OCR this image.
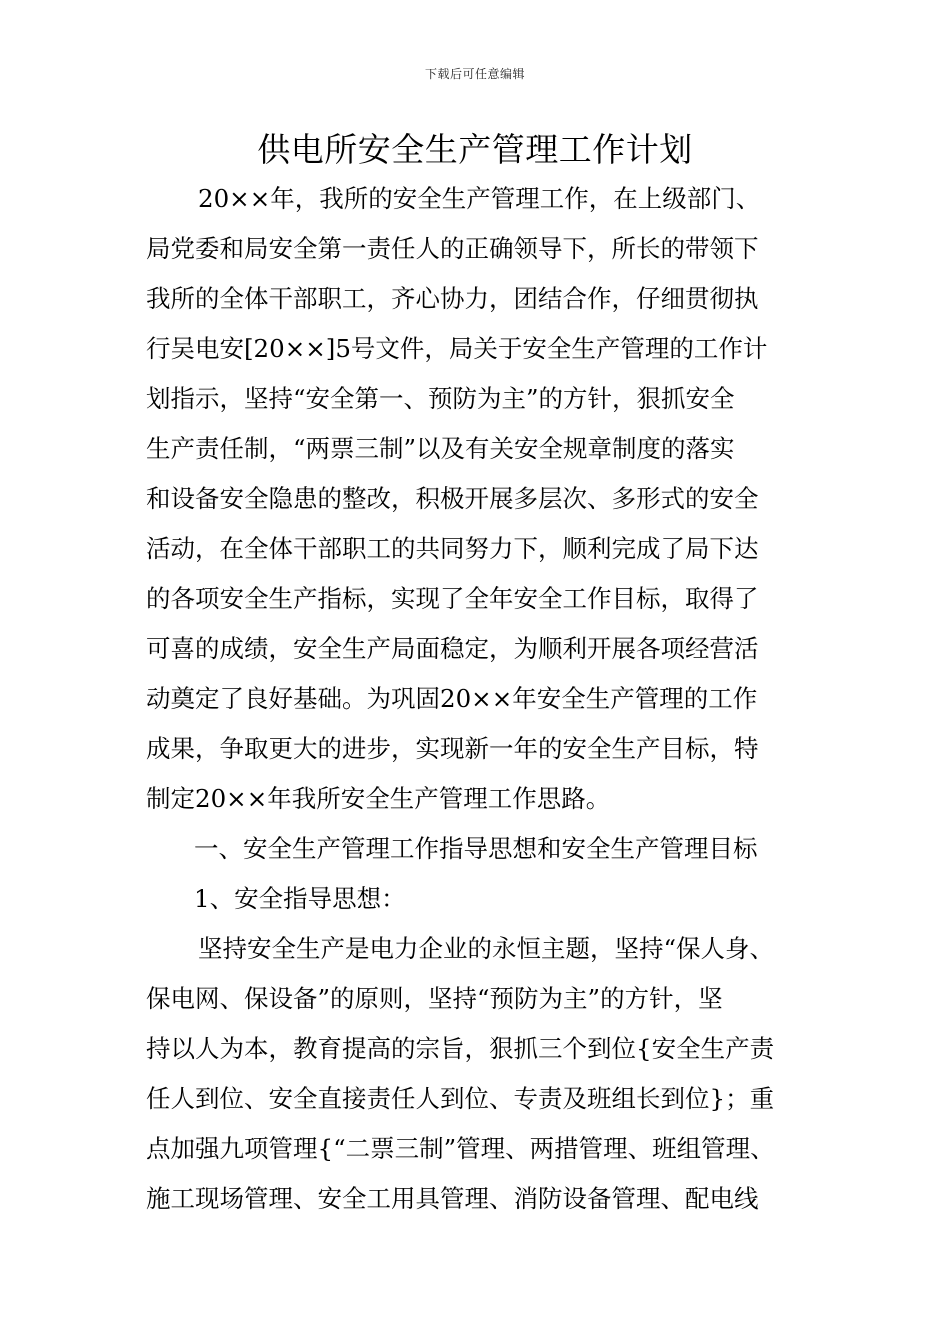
下载后可任意编辑
供电所安全生产管理工作计划
20××年，我所的安全生产管理工作，在上级部门、
局党委和局安全第一责任人的正确领导下，所长的带领下
我所的全体干部职工，齐心协力，团结合作，仔细贯彻执
行吴电安[20××]5号文件，局关于安全生产管理的工作计
划指示，坚持“安全第一、预防为主”的方针，狠抓安全
生产责任制，“两票三制”以及有关安全规章制度的落实
和设备安全隐患的整改，积极开展多层次、多形式的安全
活动，在全体干部职工的共同努力下，顺利完成了局下达
的各项安全生产指标，实现了全年安全工作目标，取得了
可喜的成绩，安全生产局面稳定，为顺利开展各项经营活
动奠定了良好基础。为巩固20××年安全生产管理的工作
成果，争取更大的进步，实现新一年的安全生产目标，特
制定20××年我所安全生产管理工作思路。
一、安全生产管理工作指导思想和安全生产管理目标
1、安全指导思想：
坚持安全生产是电力企业的永恒主题，坚持“保人身、
保电网、保设备”的原则，坚持“预防为主”的方针，坚
持以人为本，教育提高的宗旨，狠抓三个到位{安全生产责
任人到位、安全直接责任人到位、专责及班组长到位}；重
点加强九项管理{“二票三制”管理、两措管理、班组管理、
施工现场管理、安全工用具管理、消防设备管理、配电线
